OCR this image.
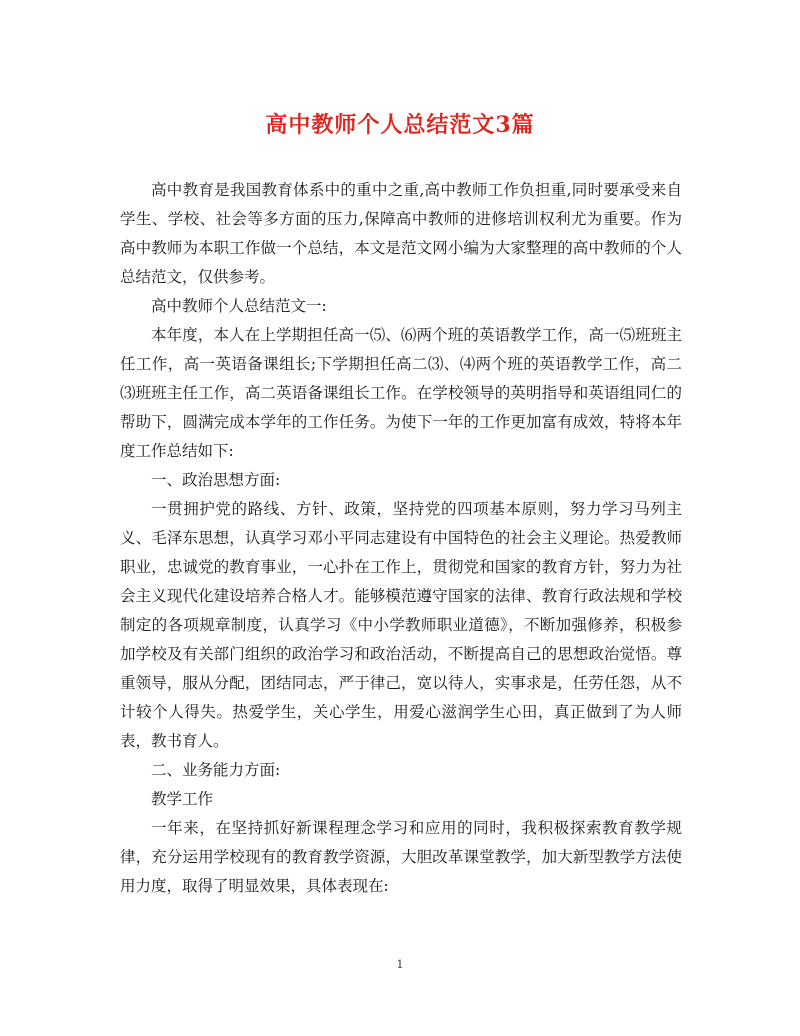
高中教师个人总结范文3篇

高中教育是我国教育体系中的重中之重,高中教师工作负担重,同时要承受来自学生、学校、社会等多方面的压力,保障高中教师的进修培训权利尤为重要。作为高中教师为本职工作做一个总结，本文是范文网小编为大家整理的高中教师的个人总结范文，仅供参考。

高中教师个人总结范文一:

本年度，本人在上学期担任高一⑸、⑹两个班的英语教学工作，高一⑸班班主任工作，高一英语备课组长;下学期担任高二⑶、⑷两个班的英语教学工作，高二⑶班班主任工作，高二英语备课组长工作。在学校领导的英明指导和英语组同仁的帮助下，圆满完成本学年的工作任务。为使下一年的工作更加富有成效，特将本年度工作总结如下:

一、政治思想方面:

一贯拥护党的路线、方针、政策，坚持党的四项基本原则，努力学习马列主义、毛泽东思想，认真学习邓小平同志建设有中国特色的社会主义理论。热爱教师职业，忠诚党的教育事业，一心扑在工作上，贯彻党和国家的教育方针，努力为社会主义现代化建设培养合格人才。能够模范遵守国家的法律、教育行政法规和学校制定的各项规章制度，认真学习《中小学教师职业道德》，不断加强修养，积极参加学校及有关部门组织的政治学习和政治活动，不断提高自己的思想政治觉悟。尊重领导，服从分配，团结同志，严于律己，宽以待人，实事求是，任劳任怨，从不计较个人得失。热爱学生，关心学生，用爱心滋润学生心田，真正做到了为人师表，教书育人。

二、业务能力方面:

教学工作

一年来，在坚持抓好新课程理念学习和应用的同时，我积极探索教育教学规律，充分运用学校现有的教育教学资源，大胆改革课堂教学，加大新型教学方法使用力度，取得了明显效果，具体表现在:

1
